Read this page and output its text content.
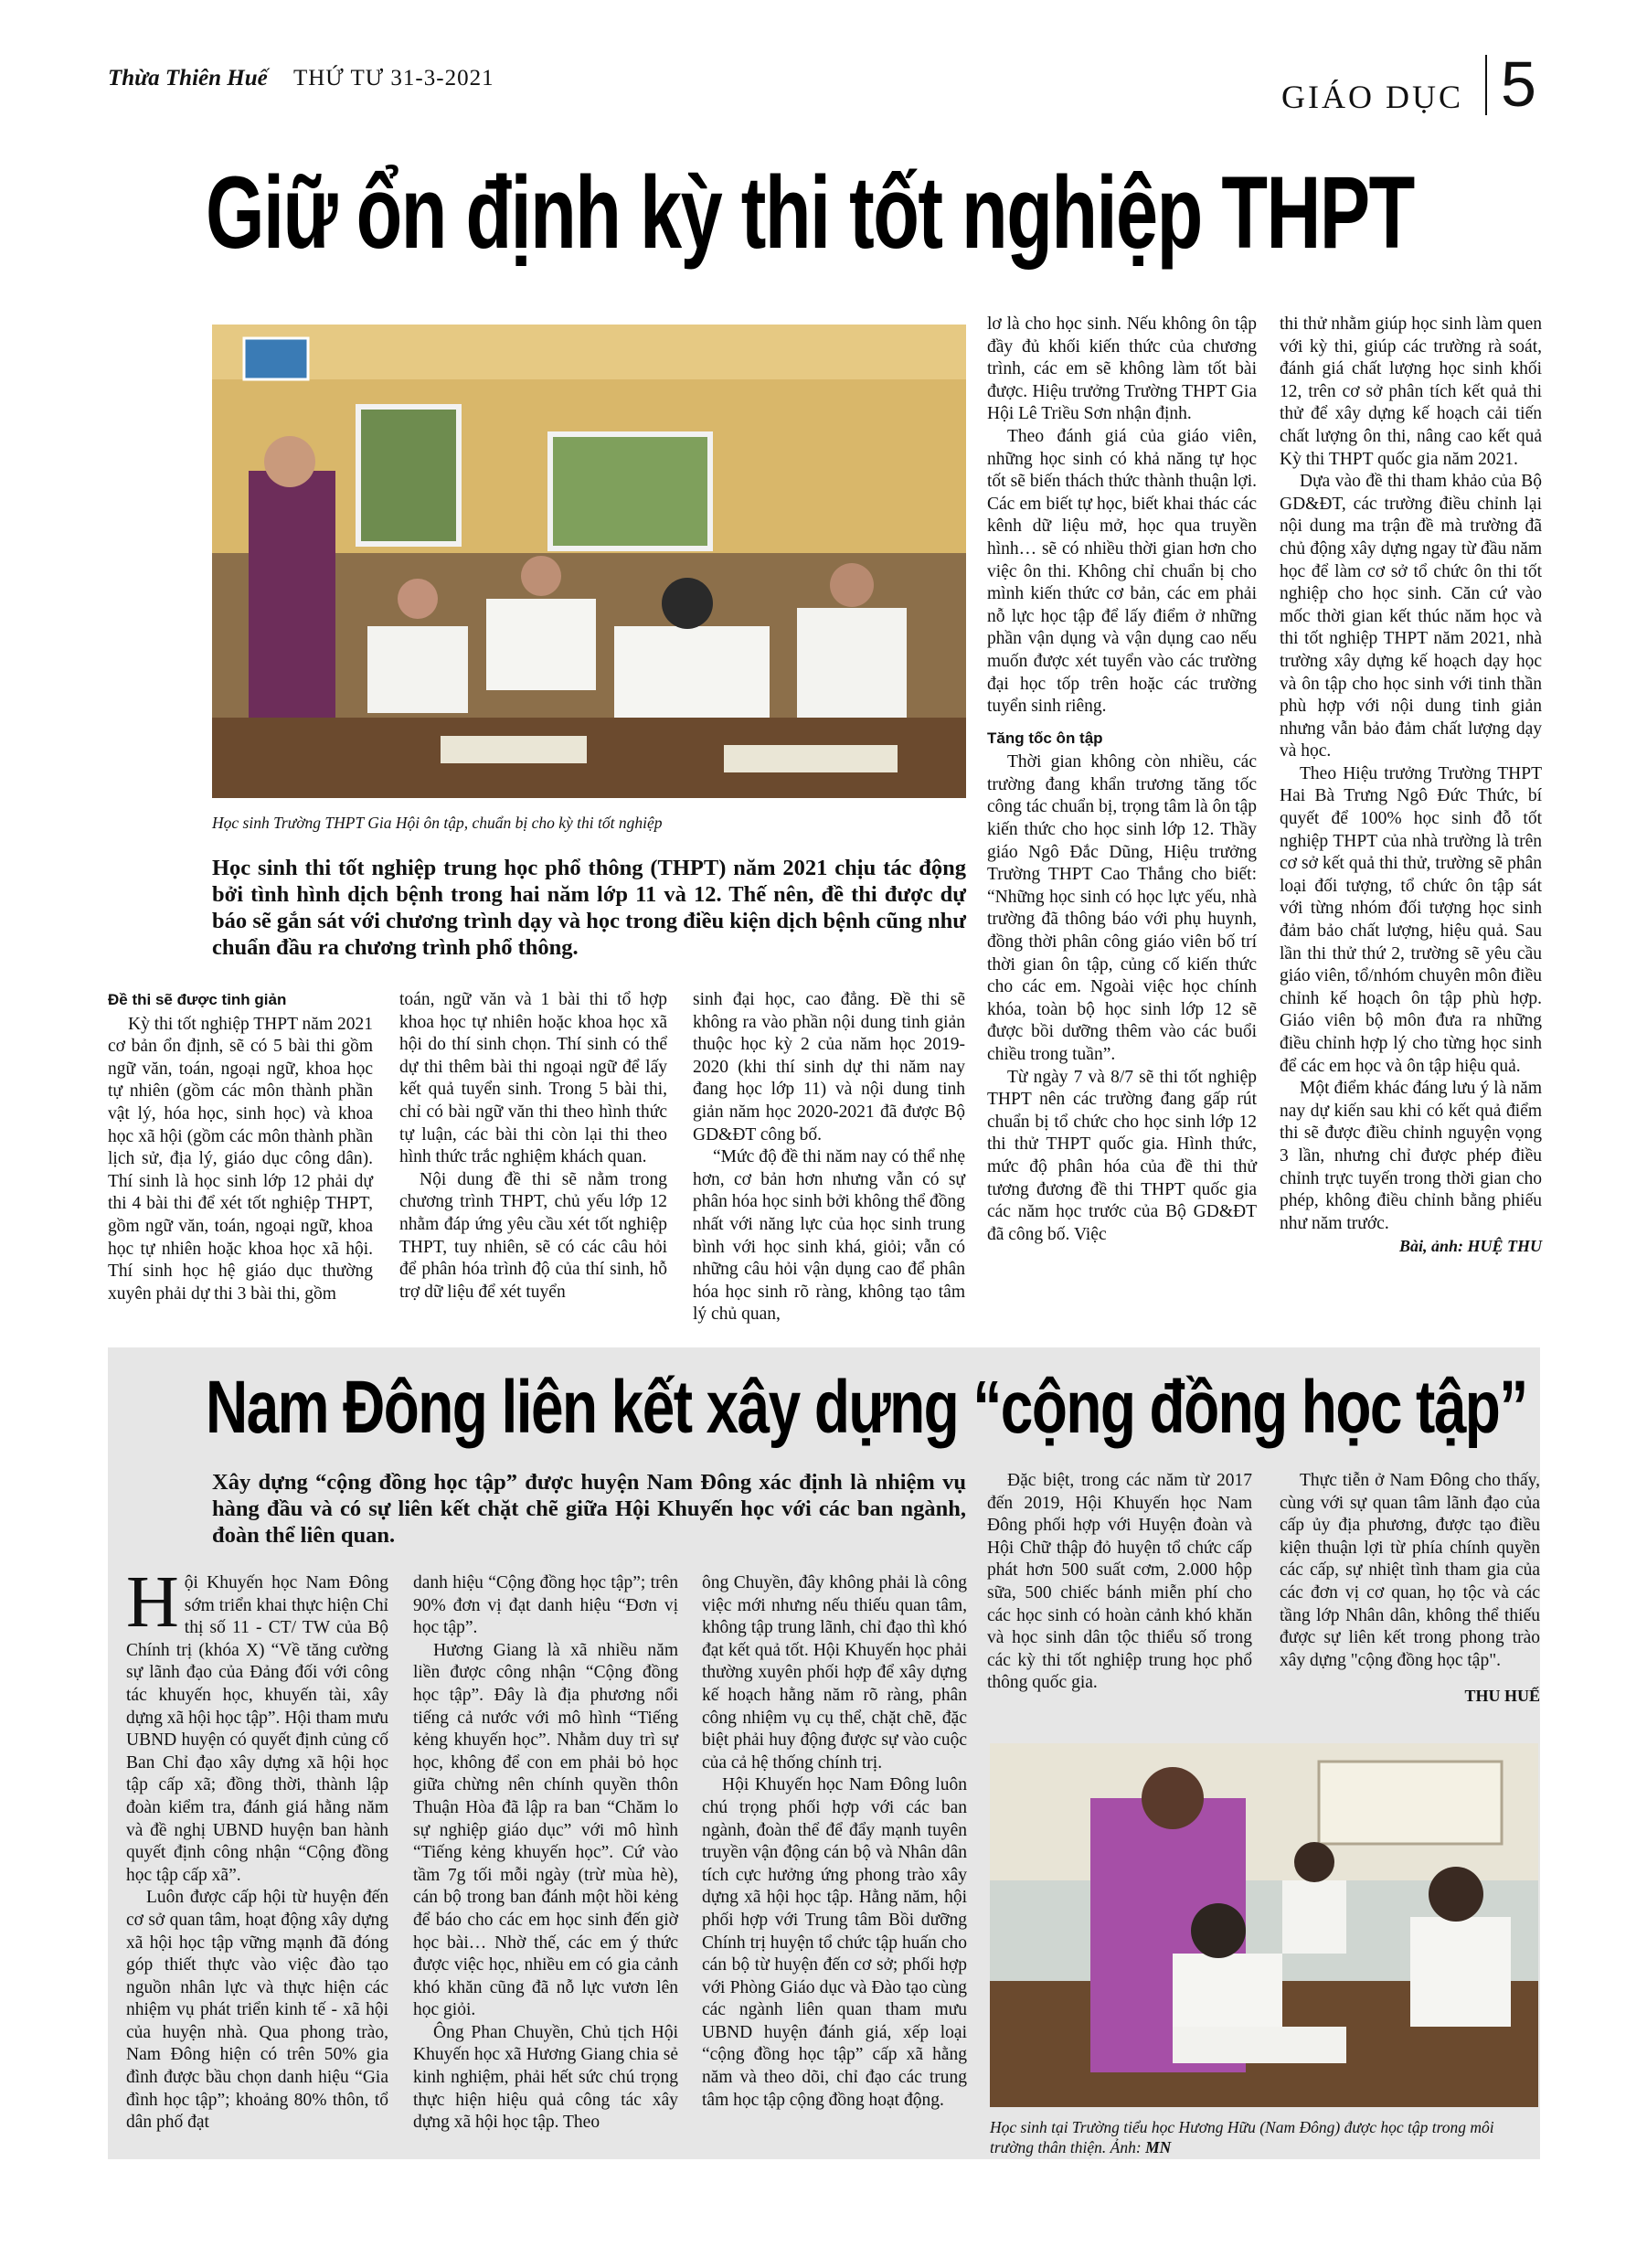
Thừa Thiên Huế THỨ TƯ 31-3-2021
GIÁO DỤC 5
Giữ ổn định kỳ thi tốt nghiệp THPT
Học sinh Trường THPT Gia Hội ôn tập, chuẩn bị cho kỳ thi tốt nghiệp
Học sinh thi tốt nghiệp trung học phổ thông (THPT) năm 2021 chịu tác động bởi tình hình dịch bệnh trong hai năm lớp 11 và 12. Thế nên, đề thi được dự báo sẽ gắn sát với chương trình dạy và học trong điều kiện dịch bệnh cũng như chuẩn đầu ra chương trình phổ thông.

Đề thi sẽ được tinh giản

Kỳ thi tốt nghiệp THPT năm 2021 cơ bản ổn định, sẽ có 5 bài thi gồm ngữ văn, toán, ngoại ngữ, khoa học tự nhiên (gồm các môn thành phần vật lý, hóa học, sinh học) và khoa học xã hội (gồm các môn thành phần lịch sử, địa lý, giáo dục công dân). Thí sinh là học sinh lớp 12 phải dự thi 4 bài thi để xét tốt nghiệp THPT, gồm ngữ văn, toán, ngoại ngữ, khoa học tự nhiên hoặc khoa học xã hội. Thí sinh học hệ giáo dục thường xuyên phải dự thi 3 bài thi, gồm

toán, ngữ văn và 1 bài thi tổ hợp khoa học tự nhiên hoặc khoa học xã hội do thí sinh chọn. Thí sinh có thể dự thi thêm bài thi ngoại ngữ để lấy kết quả tuyển sinh. Trong 5 bài thi, chỉ có bài ngữ văn thi theo hình thức tự luận, các bài thi còn lại thi theo hình thức trắc nghiệm khách quan.

Nội dung đề thi sẽ nằm trong chương trình THPT, chủ yếu lớp 12 nhằm đáp ứng yêu cầu xét tốt nghiệp THPT, tuy nhiên, sẽ có các câu hỏi để phân hóa trình độ của thí sinh, hỗ trợ dữ liệu để xét tuyển

sinh đại học, cao đẳng. Đề thi sẽ không ra vào phần nội dung tinh giản thuộc học kỳ 2 của năm học 2019-2020 (khi thí sinh dự thi năm nay đang học lớp 11) và nội dung tinh giản năm học 2020-2021 đã được Bộ GD&ĐT công bố.

“Mức độ đề thi năm nay có thể nhẹ hơn, cơ bản hơn nhưng vẫn có sự phân hóa học sinh bởi không thể đồng nhất với năng lực của học sinh trung bình với học sinh khá, giỏi; vẫn có những câu hỏi vận dụng cao để phân hóa học sinh rõ ràng, không tạo tâm lý chủ quan,

lơ là cho học sinh. Nếu không ôn tập đầy đủ khối kiến thức của chương trình, các em sẽ không làm tốt bài được. Hiệu trưởng Trường THPT Gia Hội Lê Triều Sơn nhận định.

Theo đánh giá của giáo viên, những học sinh có khả năng tự học tốt sẽ biến thách thức thành thuận lợi. Các em biết tự học, biết khai thác các kênh dữ liệu mở, học qua truyền hình… sẽ có nhiều thời gian hơn cho việc ôn thi. Không chỉ chuẩn bị cho mình kiến thức cơ bản, các em phải nỗ lực học tập để lấy điểm ở những phần vận dụng và vận dụng cao nếu muốn được xét tuyển vào các trường đại học tốp trên hoặc các trường tuyển sinh riêng.

Tăng tốc ôn tập

Thời gian không còn nhiều, các trường đang khẩn trương tăng tốc công tác chuẩn bị, trọng tâm là ôn tập kiến thức cho học sinh lớp 12. Thầy giáo Ngô Đắc Dũng, Hiệu trưởng Trường THPT Cao Thắng cho biết: “Những học sinh có học lực yếu, nhà trường đã thông báo với phụ huynh, đồng thời phân công giáo viên bố trí thời gian ôn tập, củng cố kiến thức cho các em. Ngoài việc học chính khóa, toàn bộ học sinh lớp 12 sẽ được bồi dưỡng thêm vào các buổi chiều trong tuần”.

Từ ngày 7 và 8/7 sẽ thi tốt nghiệp THPT nên các trường đang gấp rút chuẩn bị tổ chức cho học sinh lớp 12 thi thử THPT quốc gia. Hình thức, mức độ phân hóa của đề thi thử tương đương đề thi THPT quốc gia các năm học trước của Bộ GD&ĐT đã công bố. Việc

thi thử nhằm giúp học sinh làm quen với kỳ thi, giúp các trường rà soát, đánh giá chất lượng học sinh khối 12, trên cơ sở phân tích kết quả thi thử để xây dựng kế hoạch cải tiến chất lượng ôn thi, nâng cao kết quả Kỳ thi THPT quốc gia năm 2021.

Dựa vào đề thi tham khảo của Bộ GD&ĐT, các trường điều chỉnh lại nội dung ma trận đề mà trường đã chủ động xây dựng ngay từ đầu năm học để làm cơ sở tổ chức ôn thi tốt nghiệp cho học sinh. Căn cứ vào mốc thời gian kết thúc năm học và thi tốt nghiệp THPT năm 2021, nhà trường xây dựng kế hoạch dạy học và ôn tập cho học sinh với tinh thần phù hợp với nội dung tinh giản nhưng vẫn bảo đảm chất lượng dạy và học.

Theo Hiệu trưởng Trường THPT Hai Bà Trưng Ngô Đức Thức, bí quyết để 100% học sinh đỗ tốt nghiệp THPT của nhà trường là trên cơ sở kết quả thi thử, trường sẽ phân loại đối tượng, tổ chức ôn tập sát với từng nhóm đối tượng học sinh đảm bảo chất lượng, hiệu quả. Sau lần thi thử thứ 2, trường sẽ yêu cầu giáo viên, tổ/nhóm chuyên môn điều chỉnh kế hoạch ôn tập phù hợp. Giáo viên bộ môn đưa ra những điều chỉnh hợp lý cho từng học sinh để các em học và ôn tập hiệu quả.

Một điểm khác đáng lưu ý là năm nay dự kiến sau khi có kết quả điểm thi sẽ được điều chỉnh nguyện vọng 3 lần, nhưng chỉ được phép điều chỉnh trực tuyến trong thời gian cho phép, không điều chỉnh bằng phiếu như năm trước.

Bài, ảnh: HUỆ THU
Nam Đông liên kết xây dựng “cộng đồng học tập”
Xây dựng “cộng đồng học tập” được huyện Nam Đông xác định là nhiệm vụ hàng đầu và có sự liên kết chặt chẽ giữa Hội Khuyến học với các ban ngành, đoàn thể liên quan.

Hội Khuyến học Nam Đông sớm triển khai thực hiện Chỉ thị số 11 - CT/ TW của Bộ Chính trị (khóa X) “Về tăng cường sự lãnh đạo của Đảng đối với công tác khuyến học, khuyến tài, xây dựng xã hội học tập”. Hội tham mưu UBND huyện có quyết định củng cố Ban Chỉ đạo xây dựng xã hội học tập cấp xã; đồng thời, thành lập đoàn kiểm tra, đánh giá hằng năm và đề nghị UBND huyện ban hành quyết định công nhận “Cộng đồng học tập cấp xã”.

Luôn được cấp hội từ huyện đến cơ sở quan tâm, hoạt động xây dựng xã hội học tập vững mạnh đã đóng góp thiết thực vào việc đào tạo nguồn nhân lực và thực hiện các nhiệm vụ phát triển kinh tế - xã hội của huyện nhà. Qua phong trào, Nam Đông hiện có trên 50% gia đình được bầu chọn danh hiệu “Gia đình học tập”; khoảng 80% thôn, tổ dân phố đạt

danh hiệu “Cộng đồng học tập”; trên 90% đơn vị đạt danh hiệu “Đơn vị học tập”.

Hương Giang là xã nhiều năm liền được công nhận “Cộng đồng học tập”. Đây là địa phương nổi tiếng cả nước với mô hình “Tiếng kẻng khuyến học”. Nhằm duy trì sự học, không để con em phải bỏ học giữa chừng nên chính quyền thôn Thuận Hòa đã lập ra ban “Chăm lo sự nghiệp giáo dục” với mô hình “Tiếng kẻng khuyến học”. Cứ vào tầm 7g tối mỗi ngày (trừ mùa hè), cán bộ trong ban đánh một hồi kẻng để báo cho các em học sinh đến giờ học bài… Nhờ thế, các em ý thức được việc học, nhiều em có gia cảnh khó khăn cũng đã nỗ lực vươn lên học giỏi.

Ông Phan Chuyền, Chủ tịch Hội Khuyến học xã Hương Giang chia sẻ kinh nghiệm, phải hết sức chú trọng thực hiện hiệu quả công tác xây dựng xã hội học tập. Theo

ông Chuyền, đây không phải là công việc mới nhưng nếu thiếu quan tâm, không tập trung lãnh, chỉ đạo thì khó đạt kết quả tốt. Hội Khuyến học phải thường xuyên phối hợp để xây dựng kế hoạch hằng năm rõ ràng, phân công nhiệm vụ cụ thể, chặt chẽ, đặc biệt phải huy động được sự vào cuộc của cả hệ thống chính trị.

Hội Khuyến học Nam Đông luôn chú trọng phối hợp với các ban ngành, đoàn thể để đẩy mạnh tuyên truyền vận động cán bộ và Nhân dân tích cực hưởng ứng phong trào xây dựng xã hội học tập. Hằng năm, hội phối hợp với Trung tâm Bồi dưỡng Chính trị huyện tổ chức tập huấn cho cán bộ từ huyện đến cơ sở; phối hợp với Phòng Giáo dục và Đào tạo cùng các ngành liên quan tham mưu UBND huyện đánh giá, xếp loại “cộng đồng học tập” cấp xã hằng năm và theo dõi, chỉ đạo các trung tâm học tập cộng đồng hoạt động.

Đặc biệt, trong các năm từ 2017 đến 2019, Hội Khuyến học Nam Đông phối hợp với Huyện đoàn và Hội Chữ thập đỏ huyện tổ chức cấp phát hơn 500 suất cơm, 2.000 hộp sữa, 500 chiếc bánh miễn phí cho các học sinh có hoàn cảnh khó khăn và học sinh dân tộc thiểu số trong các kỳ thi tốt nghiệp trung học phổ thông quốc gia.

Thực tiễn ở Nam Đông cho thấy, cùng với sự quan tâm lãnh đạo của cấp ủy địa phương, được tạo điều kiện thuận lợi từ phía chính quyền các cấp, sự nhiệt tình tham gia của các đơn vị cơ quan, họ tộc và các tầng lớp Nhân dân, không thể thiếu được sự liên kết trong phong trào xây dựng "cộng đồng học tập".

THU HUẾ
Học sinh tại Trường tiểu học Hương Hữu (Nam Đông) được học tập trong môi trường thân thiện. Ảnh: MN
